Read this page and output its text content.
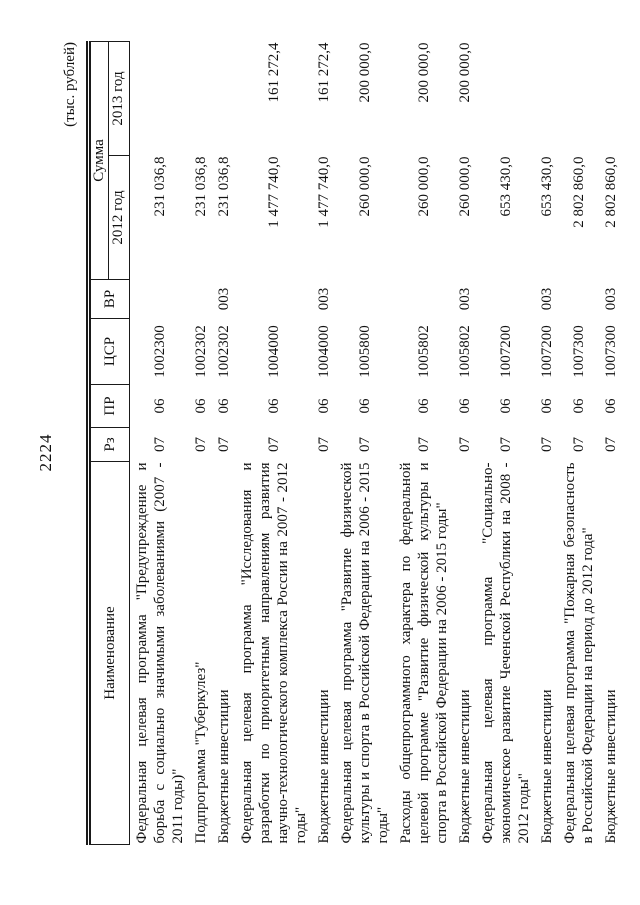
2224
(тыс. рублей)
Наименование	Рз	ПР	ЦСР	ВР	Сумма	
					2012 год	2013 год
Федеральная целевая программа "Предупреждение и борьба с социально значимыми заболеваниями (2007 - 2011 годы)"	07	06	1002300		231 036,8	
Подпрограмма "Туберкулез"	07	06	1002302		231 036,8	
Бюджетные инвестиции	07	06	1002302	003	231 036,8	
Федеральная целевая программа "Исследования и разработки по приоритетным направлениям развития научно-технологического комплекса России на 2007 - 2012 годы"	07	06	1004000		1 477 740,0	161 272,4
Бюджетные инвестиции	07	06	1004000	003	1 477 740,0	161 272,4
Федеральная целевая программа "Развитие физической культуры и спорта в Российской Федерации на 2006 - 2015 годы"	07	06	1005800		260 000,0	200 000,0
Расходы общепрограммного характера по федеральной целевой программе "Развитие физической культуры и спорта в Российской Федерации на 2006 - 2015 годы"	07	06	1005802		260 000,0	200 000,0
Бюджетные инвестиции	07	06	1005802	003	260 000,0	200 000,0
Федеральная целевая программа "Социально-экономическое развитие Чеченской Республики на 2008 - 2012 годы"	07	06	1007200		653 430,0	
Бюджетные инвестиции	07	06	1007200	003	653 430,0	
Федеральная целевая программа "Пожарная безопасность в Российской Федерации на период до 2012 года"	07	06	1007300		2 802 860,0	
Бюджетные инвестиции	07	06	1007300	003	2 802 860,0	
